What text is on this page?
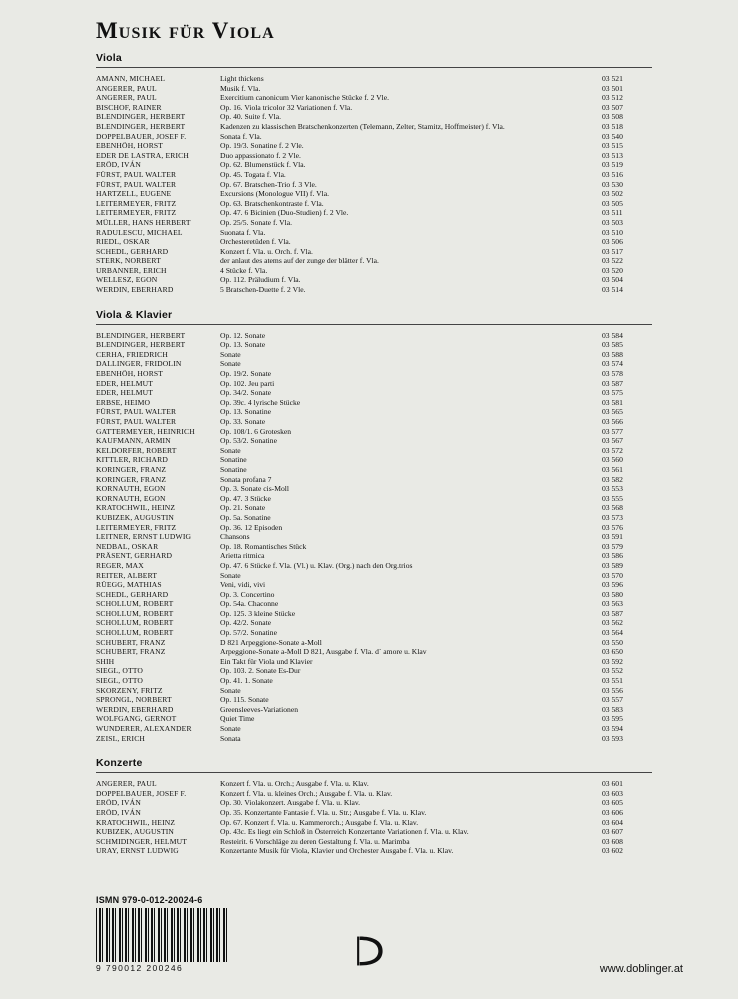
Musik für Viola
Viola
AMANN, MICHAEL	Light thickens	03 521
ANGERER, PAUL	Musik f. Vla.	03 501
ANGERER, PAUL	Exercitium canonicum Vier kanonische Stücke f. 2 Vle.	03 512
BISCHOF, RAINER	Op. 16. Viola tricolor 32 Variationen f. Vla.	03 507
BLENDINGER, HERBERT	Op. 40. Suite f. Vla.	03 508
BLENDINGER, HERBERT	Kadenzen zu klassischen Bratschenkonzerten (Telemann, Zelter, Stamitz, Hoffmeister) f. Vla.	03 518
DOPPELBAUER, JOSEF F.	Sonata f. Vla.	03 540
EBENHÖH, HORST	Op. 19/3. Sonatine f. 2 Vle.	03 515
EDER DE LASTRA, ERICH	Duo appassionato f. 2 Vle.	03 513
ERÖD, IVÁN	Op. 62. Blumenstück f. Vla.	03 519
FÜRST, PAUL WALTER	Op. 45. Togata f. Vla.	03 516
FÜRST, PAUL WALTER	Op. 67. Bratschen-Trio f. 3 Vle.	03 530
HARTZELL, EUGENE	Excursions (Monologue VII) f. Vla.	03 502
LEITERMEYER, FRITZ	Op. 63. Bratschenkontraste f. Vla.	03 505
LEITERMEYER, FRITZ	Op. 47. 6 Bicinien (Duo-Studien) f. 2 Vle.	03 511
MÜLLER, HANS HERBERT	Op. 25/5. Sonate f. Vla.	03 503
RADULESCU, MICHAEL	Suonata f. Vla.	03 510
RIEDL, OSKAR	Orchesteretüden f. Vla.	03 506
SCHEDL, GERHARD	Konzert f. Vla. u. Orch. f. Vla.	03 517
STERK, NORBERT	der anlaut des atems auf der zunge der blätter f. Vla.	03 522
URBANNER, ERICH	4 Stücke f. Vla.	03 520
WELLESZ, EGON	Op. 112. Präludium f. Vla.	03 504
WERDIN, EBERHARD	5 Bratschen-Duette f. 2 Vle.	03 514
Viola & Klavier
BLENDINGER, HERBERT	Op. 12. Sonate	03 584
BLENDINGER, HERBERT	Op. 13. Sonate	03 585
CERHA, FRIEDRICH	Sonate	03 588
DALLINGER, FRIDOLIN	Sonate	03 574
EBENHÖH, HORST	Op. 19/2. Sonate	03 578
EDER, HELMUT	Op. 102. Jeu parti	03 587
EDER, HELMUT	Op. 34/2. Sonate	03 575
ERBSE, HEIMO	Op. 39c. 4 lyrische Stücke	03 581
FÜRST, PAUL WALTER	Op. 13. Sonatine	03 565
FÜRST, PAUL WALTER	Op. 33. Sonate	03 566
GATTERMEYER, HEINRICH	Op. 108/1. 6 Grotesken	03 577
KAUFMANN, ARMIN	Op. 53/2. Sonatine	03 567
KELDORFER, ROBERT	Sonate	03 572
KITTLER, RICHARD	Sonatine	03 560
KORINGER, FRANZ	Sonatine	03 561
KORINGER, FRANZ	Sonata profana 7	03 582
KORNAUTH, EGON	Op. 3. Sonate cis-Moll	03 553
KORNAUTH, EGON	Op. 47. 3 Stücke	03 555
KRATOCHWIL, HEINZ	Op. 21. Sonate	03 568
KUBIZEK, AUGUSTIN	Op. 5a. Sonatine	03 573
LEITERMEYER, FRITZ	Op. 36. 12 Episoden	03 576
LEITNER, ERNST LUDWIG	Chansons	03 591
NEDBAL, OSKAR	Op. 18. Romantisches Stück	03 579
PRÄSENT, GERHARD	Arietta ritmica	03 586
REGER, MAX	Op. 47. 6 Stücke f. Vla. (Vl.) u. Klav. (Org.) nach den Org.trios	03 589
REITER, ALBERT	Sonate	03 570
RÜEGG, MATHIAS	Veni, vidi, vivi	03 596
SCHEDL, GERHARD	Op. 3. Concertino	03 580
SCHOLLUM, ROBERT	Op. 54a. Chaconne	03 563
SCHOLLUM, ROBERT	Op. 125. 3 kleine Stücke	03 587
SCHOLLUM, ROBERT	Op. 42/2. Sonate	03 562
SCHOLLUM, ROBERT	Op. 57/2. Sonatine	03 564
SCHUBERT, FRANZ	D 821 Arpeggione-Sonate a-Moll	03 550
SCHUBERT, FRANZ	Arpeggione-Sonate a-Moll D 821, Ausgabe f. Vla. d´ amore u. Klav	03 650
SHIH	Ein Takt für Viola und Klavier	03 592
SIEGL, OTTO	Op. 103. 2. Sonate Es-Dur	03 552
SIEGL, OTTO	Op. 41. 1. Sonate	03 551
SKORZENY, FRITZ	Sonate	03 556
SPRONGL, NORBERT	Op. 115. Sonate	03 557
WERDIN, EBERHARD	Greensleeves-Variationen	03 583
WOLFGANG, GERNOT	Quiet Time	03 595
WUNDERER, ALEXANDER	Sonate	03 594
ZEISL, ERICH	Sonata	03 593
Konzerte
ANGERER, PAUL	Konzert f. Vla. u. Orch.; Ausgabe f. Vla. u. Klav.	03 601
DOPPELBAUER, JOSEF F.	Konzert f. Vla. u. kleines Orch.; Ausgabe f. Vla. u. Klav.	03 603
ERÖD, IVÁN	Op. 30. Violakonzert. Ausgabe f. Vla. u. Klav.	03 605
ERÖD, IVÁN	Op. 35. Konzertante Fantasie f. Vla. u. Str.; Ausgabe f. Vla. u. Klav.	03 606
KRATOCHWIL, HEINZ	Op. 67. Konzert f. Vla. u. Kammerorch.; Ausgabe f. Vla. u. Klav.	03 604
KUBIZEK, AUGUSTIN	Op. 43c. Es liegt ein Schloß in Österreich Konzertante Variationen f. Vla. u. Klav.	03 607
SCHMIDINGER, HELMUT	Resteirit. 6 Vorschläge zu deren Gestaltung f. Vla. u. Marimba	03 608
URAY, ERNST LUDWIG	Konzertante Musik für Viola, Klavier und Orchester Ausgabe f. Vla. u. Klav.	03 602
ISMN 979-0-012-20024-6
9 790012 200246	www.doblinger.at
